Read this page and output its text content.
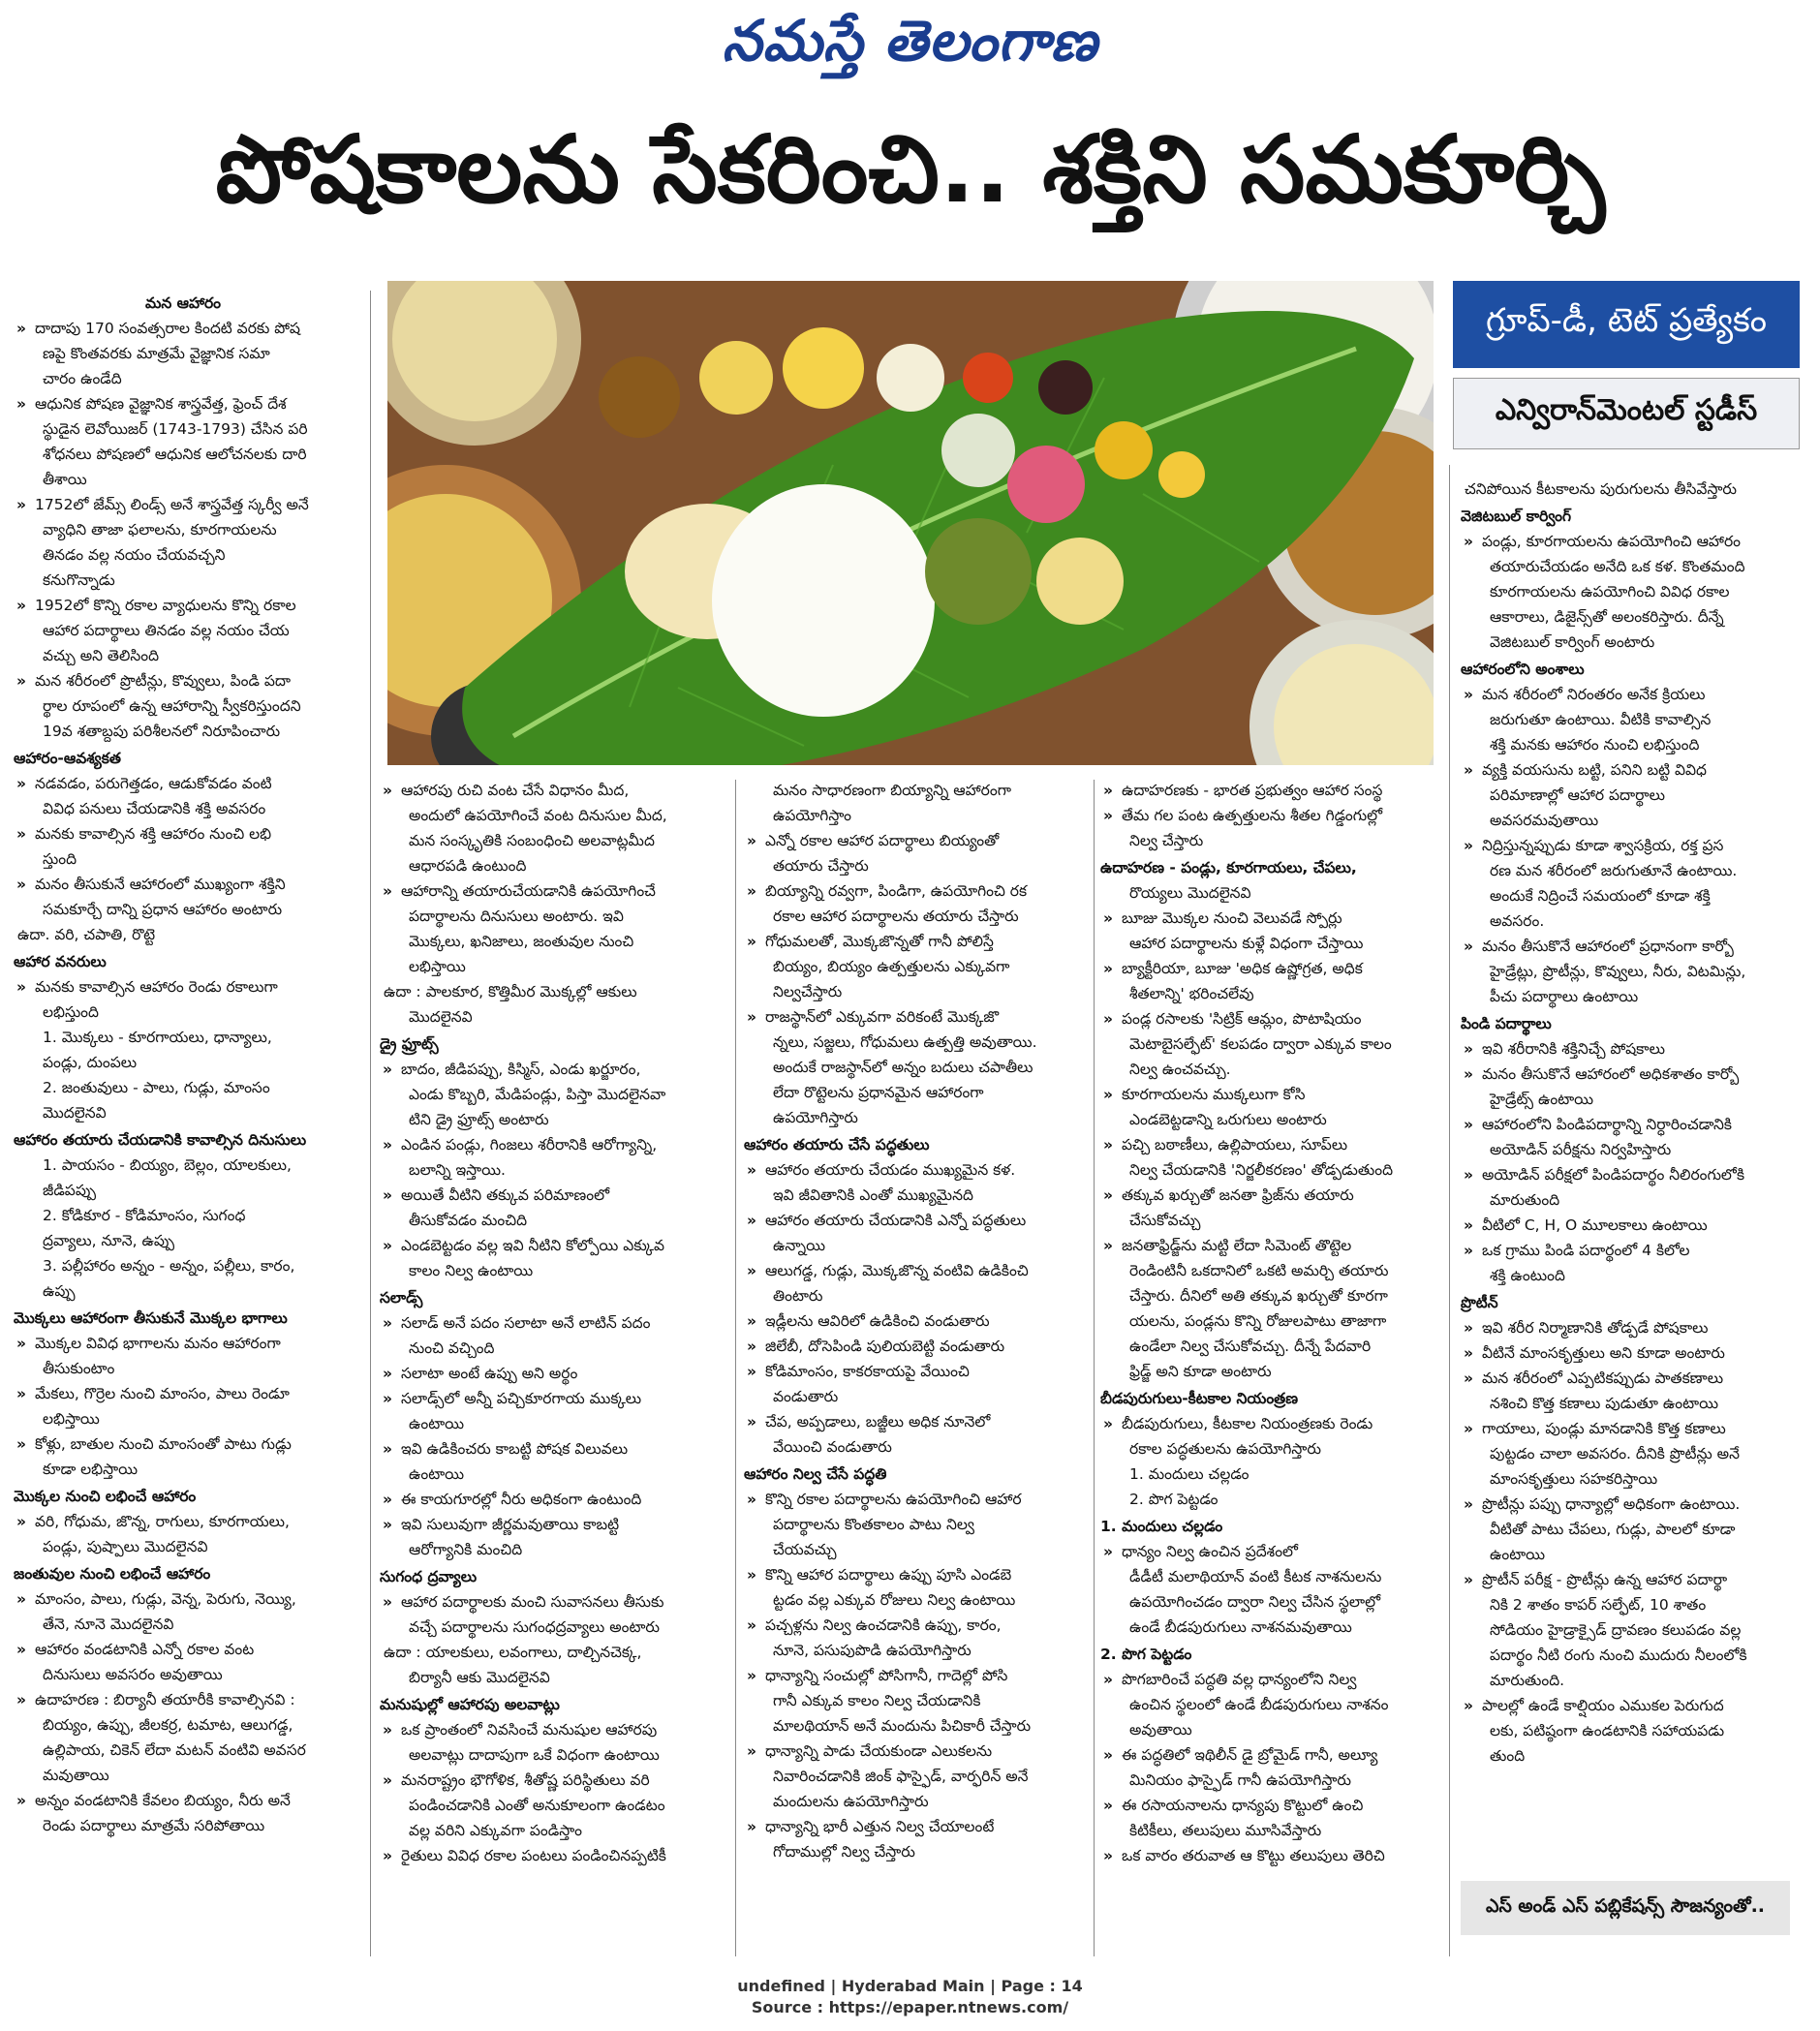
నమస్తే తెలంగాణ
పోషకాలను సేకరించి.. శక్తిని సమకూర్చి
గ్రూప్-డీ, టెట్ ప్రత్యేకం
ఎన్విరాన్‌మెంటల్ స్టడీస్
మన ఆహారం
» దాదాపు 170 సంవత్సరాల కిందటి వరకు పోష
ణపై కొంతవరకు మాత్రమే వైజ్ఞానిక సమా
చారం ఉండేది
» ఆధునిక పోషణ వైజ్ఞానిక శాస్త్రవేత్త, ఫ్రెంచ్ దేశ
స్థుడైన లెవోయిజర్ (1743-1793) చేసిన పరి
శోధనలు పోషణలో ఆధునిక ఆలోచనలకు దారి
తీశాయి
» 1752లో జేమ్స్ లిండ్స్ అనే శాస్త్రవేత్త స్కర్వీ అనే
వ్యాధిని తాజా ఫలాలను, కూరగాయలను
తినడం వల్ల నయం చేయవచ్చని
కనుగొన్నాడు
» 1952లో కొన్ని రకాల వ్యాధులను కొన్ని రకాల
ఆహార పదార్థాలు తినడం వల్ల నయం చేయ
వచ్చు అని తెలిసింది
» మన శరీరంలో ప్రొటీన్లు, కొవ్వులు, పిండి పదా
ర్థాల రూపంలో ఉన్న ఆహారాన్ని స్వీకరిస్తుందని
19వ శతాబ్దపు పరిశీలనలో నిరూపించారు
ఆహారం-ఆవశ్యకత
» నడవడం, పరుగెత్తడం, ఆడుకోవడం వంటి
వివిధ పనులు చేయడానికి శక్తి అవసరం
» మనకు కావాల్సిన శక్తి ఆహారం నుంచి లభి
స్తుంది
» మనం తీసుకునే ఆహారంలో ముఖ్యంగా శక్తిని
సమకూర్చే దాన్ని ప్రధాన ఆహారం అంటారు
ఉదా. వరి, చపాతి, రొట్టె
ఆహార వనరులు
» మనకు కావాల్సిన ఆహారం రెండు రకాలుగా
లభిస్తుంది
1. మొక్కలు - కూరగాయలు, ధాన్యాలు,
పండ్లు, దుంపలు
2. జంతువులు - పాలు, గుడ్లు, మాంసం
మొదలైనవి
ఆహారం తయారు చేయడానికి కావాల్సిన దినుసులు
1. పాయసం - బియ్యం, బెల్లం, యాలకులు,
జీడిపప్పు
2. కోడికూర - కోడిమాంసం, సుగంధ
ద్రవ్యాలు, నూనె, ఉప్పు
3. పల్లీహారం అన్నం - అన్నం, పల్లీలు, కారం,
ఉప్పు
మొక్కలు ఆహారంగా తీసుకునే మొక్కల భాగాలు
» మొక్కల వివిధ భాగాలను మనం ఆహారంగా
తీసుకుంటాం
» మేకలు, గొర్రెల నుంచి మాంసం, పాలు రెండూ
లభిస్తాయి
» కోళ్లు, బాతుల నుంచి మాంసంతో పాటు గుడ్లు
కూడా లభిస్తాయి
మొక్కల నుంచి లభించే ఆహారం
» వరి, గోధుమ, జొన్న, రాగులు, కూరగాయలు,
పండ్లు, పుష్పాలు మొదలైనవి
జంతువుల నుంచి లభించే ఆహారం
» మాంసం, పాలు, గుడ్లు, వెన్న, పెరుగు, నెయ్యి,
తేనె, నూనె మొదలైనవి
» ఆహారం వండటానికి ఎన్నో రకాల వంట
దినుసులు అవసరం అవుతాయి
» ఉదాహరణ : బిర్యానీ తయారీకి కావాల్సినవి :
బియ్యం, ఉప్పు, జీలకర్ర, టమాట, ఆలుగడ్డ,
ఉల్లిపాయ, చికెన్ లేదా మటన్ వంటివి అవసర
మవుతాయి
» అన్నం వండటానికి కేవలం బియ్యం, నీరు అనే
రెండు పదార్థాలు మాత్రమే సరిపోతాయి
» ఆహారపు రుచి వంట చేసే విధానం మీద,
అందులో ఉపయోగించే వంట దినుసుల మీద,
మన సంస్కృతికి సంబంధించి అలవాట్లమీద
ఆధారపడి ఉంటుంది
» ఆహారాన్ని తయారుచేయడానికి ఉపయోగించే
పదార్థాలను దినుసులు అంటారు. ఇవి
మొక్కలు, ఖనిజాలు, జంతువుల నుంచి
లభిస్తాయి
ఉదా : పాలకూర, కొత్తిమీర మొక్కల్లో ఆకులు
మొదలైనవి
డ్రై ఫ్రూట్స్
» బాదం, జీడిపప్పు, కిస్మిస్, ఎండు ఖర్జూరం,
ఎండు కొబ్బరి, మేడిపండ్లు, పిస్తా మొదలైనవా
టిని డ్రై ఫ్రూట్స్ అంటారు
» ఎండిన పండ్లు, గింజలు శరీరానికి ఆరోగ్యాన్ని,
బలాన్ని ఇస్తాయి.
» అయితే వీటిని తక్కువ పరిమాణంలో
తీసుకోవడం మంచిది
» ఎండబెట్టడం వల్ల ఇవి నీటిని కోల్పోయి ఎక్కువ
కాలం నిల్వ ఉంటాయి
సలాడ్స్
» సలాడ్ అనే పదం సలాటా అనే లాటిన్ పదం
నుంచి వచ్చింది
» సలాటా అంటే ఉప్పు అని అర్థం
» సలాడ్స్‌లో అన్నీ పచ్చికూరగాయ ముక్కలు
ఉంటాయి
» ఇవి ఉడికించరు కాబట్టి పోషక విలువలు
ఉంటాయి
» ఈ కాయగూరల్లో నీరు అధికంగా ఉంటుంది
» ఇవి సులువుగా జీర్ణమవుతాయి కాబట్టి
ఆరోగ్యానికి మంచిది
సుగంధ ద్రవ్యాలు
» ఆహార పదార్థాలకు మంచి సువాసనలు తీసుకు
వచ్చే పదార్థాలను సుగంధద్రవ్యాలు అంటారు
ఉదా : యాలకులు, లవంగాలు, దాల్చినచెక్క,
బిర్యానీ ఆకు మొదలైనవి
మనుషుల్లో ఆహారపు అలవాట్లు
» ఒక ప్రాంతంలో నివసించే మనుషుల ఆహారపు
అలవాట్లు దాదాపుగా ఒకే విధంగా ఉంటాయి
» మనరాష్ట్రం భౌగోళిక, శీతోష్ణ పరిస్థితులు వరి
పండించడానికి ఎంతో అనుకూలంగా ఉండటం
వల్ల వరిని ఎక్కువగా పండిస్తాం
» రైతులు వివిధ రకాల పంటలు పండించినప్పటికీ
మనం సాధారణంగా బియ్యాన్ని ఆహారంగా
ఉపయోగిస్తాం
» ఎన్నో రకాల ఆహార పదార్థాలు బియ్యంతో
తయారు చేస్తారు
» బియ్యాన్ని రవ్వగా, పిండిగా, ఉపయోగించి రక
రకాల ఆహార పదార్థాలను తయారు చేస్తారు
» గోధుమలతో, మొక్కజొన్నతో గానీ పోలిస్తే
బియ్యం, బియ్యం ఉత్పత్తులను ఎక్కువగా
నిల్వచేస్తారు
» రాజస్థాన్‌లో ఎక్కువగా వరికంటే మొక్కజొ
న్నలు, సజ్జలు, గోధుమలు ఉత్పత్తి అవుతాయి.
అందుకే రాజస్థాన్‌లో అన్నం బదులు చపాతీలు
లేదా రొట్టెలను ప్రధానమైన ఆహారంగా
ఉపయోగిస్తారు
ఆహారం తయారు చేసే పద్ధతులు
» ఆహారం తయారు చేయడం ముఖ్యమైన కళ.
ఇవి జీవితానికి ఎంతో ముఖ్యమైనది
» ఆహారం తయారు చేయడానికి ఎన్నో పద్ధతులు
ఉన్నాయి
» ఆలుగడ్డ, గుడ్లు, మొక్కజొన్న వంటివి ఉడికించి
తింటారు
» ఇడ్లీలను ఆవిరిలో ఉడికించి వండుతారు
» జిలేబీ, దోసెపిండి పులియబెట్టి వండుతారు
» కోడిమాంసం, కాకరకాయపై వేయించి
వండుతారు
» చేప, అప్పడాలు, బజ్జీలు అధిక నూనెలో
వేయించి వండుతారు
ఆహారం నిల్వ చేసే పద్ధతి
» కొన్ని రకాల పదార్థాలను ఉపయోగించి ఆహార
పదార్థాలను కొంతకాలం పాటు నిల్వ
చేయవచ్చు
» కొన్ని ఆహార పదార్థాలు ఉప్పు పూసి ఎండబె
ట్టడం వల్ల ఎక్కువ రోజులు నిల్వ ఉంటాయి
» పచ్చళ్లను నిల్వ ఉంచడానికి ఉప్పు, కారం,
నూనె, పసుపుపొడి ఉపయోగిస్తారు
» ధాన్యాన్ని సంచుల్లో పోసిగానీ, గాదెల్లో పోసి
గానీ ఎక్కువ కాలం నిల్వ చేయడానికి
మాలథియాన్ అనే మందును పిచికారీ చేస్తారు
» ధాన్యాన్ని పాడు చేయకుండా ఎలుకలను
నివారించడానికి జింక్ ఫాస్ఫైడ్, వార్ఫరిన్ అనే
మందులను ఉపయోగిస్తారు
» ధాన్యాన్ని భారీ ఎత్తున నిల్వ చేయాలంటే
గోదాముల్లో నిల్వ చేస్తారు
» ఉదాహరణకు - భారత ప్రభుత్వం ఆహార సంస్థ
» తేమ గల పంట ఉత్పత్తులను శీతల గిడ్డంగుల్లో
నిల్వ చేస్తారు
ఉదాహరణ - పండ్లు, కూరగాయలు, చేపలు,
రొయ్యలు మొదలైనవి
» బూజు మొక్కల నుంచి వెలువడే స్పోర్లు
ఆహార పదార్థాలను కుళ్లే విధంగా చేస్తాయి
» బ్యాక్టీరియా, బూజు 'అధిక ఉష్ణోగ్రత, అధిక
శీతలాన్ని' భరించలేవు
» పండ్ల రసాలకు 'సిట్రిక్ ఆమ్లం, పొటాషియం
మెటాబైసల్ఫేట్' కలపడం ద్వారా ఎక్కువ కాలం
నిల్వ ఉంచవచ్చు.
» కూరగాయలను ముక్కలుగా కోసి
ఎండబెట్టడాన్ని ఒరుగులు అంటారు
» పచ్చి బఠాణీలు, ఉల్లిపాయలు, సూప్‌లు
నిల్వ చేయడానికి 'నిర్జలీకరణం' తోడ్పడుతుంది
» తక్కువ ఖర్చుతో జనతా ఫ్రిజ్‌ను తయారు
చేసుకోవచ్చు
» జనతాఫ్రిడ్జ్‌ను మట్టి లేదా సిమెంట్ తొట్టెల
రెండింటినీ ఒకదానిలో ఒకటి అమర్చి తయారు
చేస్తారు. దీనిలో అతి తక్కువ ఖర్చుతో కూరగా
యలను, పండ్లను కొన్ని రోజులపాటు తాజాగా
ఉండేలా నిల్వ చేసుకోవచ్చు. దీన్నే పేదవారి
ఫ్రిడ్జ్ అని కూడా అంటారు
బీడపురుగులు-కీటకాల నియంత్రణ
» బీడపురుగులు, కీటకాల నియంత్రణకు రెండు
రకాల పద్ధతులను ఉపయోగిస్తారు
1. మందులు చల్లడం
2. పొగ పెట్టడం
1. మందులు చల్లడం
» ధాన్యం నిల్వ ఉంచిన ప్రదేశంలో
డీడీటీ మలాథియాన్ వంటి కీటక నాశనులను
ఉపయోగించడం ద్వారా నిల్వ చేసిన స్థలాల్లో
ఉండే బీడపురుగులు నాశనమవుతాయి
2. పొగ పెట్టడం
» పొగబారించే పద్ధతి వల్ల ధాన్యంలోని నిల్వ
ఉంచిన స్థలంలో ఉండే బీడపురుగులు నాశనం
అవుతాయి
» ఈ పద్ధతిలో ఇథిలీన్ డై బ్రోమైడ్ గానీ, అల్యూ
మినియం ఫాస్ఫైడ్ గానీ ఉపయోగిస్తారు
» ఈ రసాయనాలను ధాన్యపు కొట్టులో ఉంచి
కిటికీలు, తలుపులు మూసివేస్తారు
» ఒక వారం తరువాత ఆ కొట్టు తలుపులు తెరిచి
చనిపోయిన కీటకాలను పురుగులను తీసివేస్తారు
వెజిటబుల్ కార్వింగ్
» పండ్లు, కూరగాయలను ఉపయోగించి ఆహారం
తయారుచేయడం అనేది ఒక కళ. కొంతమంది
కూరగాయలను ఉపయోగించి వివిధ రకాల
ఆకారాలు, డిజైన్స్‌తో అలంకరిస్తారు. దీన్నే
వెజిటబుల్ కార్వింగ్ అంటారు
ఆహారంలోని అంశాలు
» మన శరీరంలో నిరంతరం అనేక క్రియలు
జరుగుతూ ఉంటాయి. వీటికి కావాల్సిన
శక్తి మనకు ఆహారం నుంచి లభిస్తుంది
» వ్యక్తి వయసును బట్టి, పనిని బట్టి వివిధ
పరిమాణాల్లో ఆహార పదార్థాలు
అవసరమవుతాయి
» నిద్రిస్తున్నప్పుడు కూడా శ్వాసక్రియ, రక్త ప్రస
రణ మన శరీరంలో జరుగుతూనే ఉంటాయి.
అందుకే నిద్రించే సమయంలో కూడా శక్తి
అవసరం.
» మనం తీసుకొనే ఆహారంలో ప్రధానంగా కార్బో
హైడ్రేట్లు, ప్రొటీన్లు, కొవ్వులు, నీరు, విటమిన్లు,
పీచు పదార్థాలు ఉంటాయి
పిండి పదార్థాలు
» ఇవి శరీరానికి శక్తినిచ్చే పోషకాలు
» మనం తీసుకొనే ఆహారంలో అధికశాతం కార్బో
హైడ్రేట్స్ ఉంటాయి
» ఆహారంలోని పిండిపదార్థాన్ని నిర్ధారించడానికి
అయోడిన్ పరీక్షను నిర్వహిస్తారు
» అయోడిన్ పరీక్షలో పిండిపదార్థం నీలిరంగులోకి
మారుతుంది
» వీటిలో C, H, O మూలకాలు ఉంటాయి
» ఒక గ్రాము పిండి పదార్థంలో 4 కిలోల
శక్తి ఉంటుంది
ప్రొటీన్
» ఇవి శరీర నిర్మాణానికి తోడ్పడే పోషకాలు
» వీటినే మాంసకృత్తులు అని కూడా అంటారు
» మన శరీరంలో ఎప్పటికప్పుడు పాతకణాలు
నశించి కొత్త కణాలు పుడుతూ ఉంటాయి
» గాయాలు, పుండ్లు మానడానికి కొత్త కణాలు
పుట్టడం చాలా అవసరం. దీనికి ప్రొటీన్లు అనే
మాంసకృత్తులు సహకరిస్తాయి
» ప్రొటీన్లు పప్పు ధాన్యాల్లో అధికంగా ఉంటాయి.
వీటితో పాటు చేపలు, గుడ్లు, పాలలో కూడా
ఉంటాయి
» ప్రొటీన్ పరీక్ష - ప్రొటీన్లు ఉన్న ఆహార పదార్థా
నికి 2 శాతం కాపర్ సల్ఫేట్, 10 శాతం
సోడియం హైడ్రాక్సైడ్ ద్రావణం కలుపడం వల్ల
పదార్థం నీటి రంగు నుంచి ముదురు నీలంలోకి
మారుతుంది.
» పాలల్లో ఉండే కాల్షియం ఎముకల పెరుగుద
లకు, పటిష్ఠంగా ఉండటానికి సహాయపడు
తుంది
ఎస్ అండ్ ఎస్ పబ్లికేషన్స్ సౌజన్యంతో..
undefined | Hyderabad Main | Page : 14
Source : https://epaper.ntnews.com/
